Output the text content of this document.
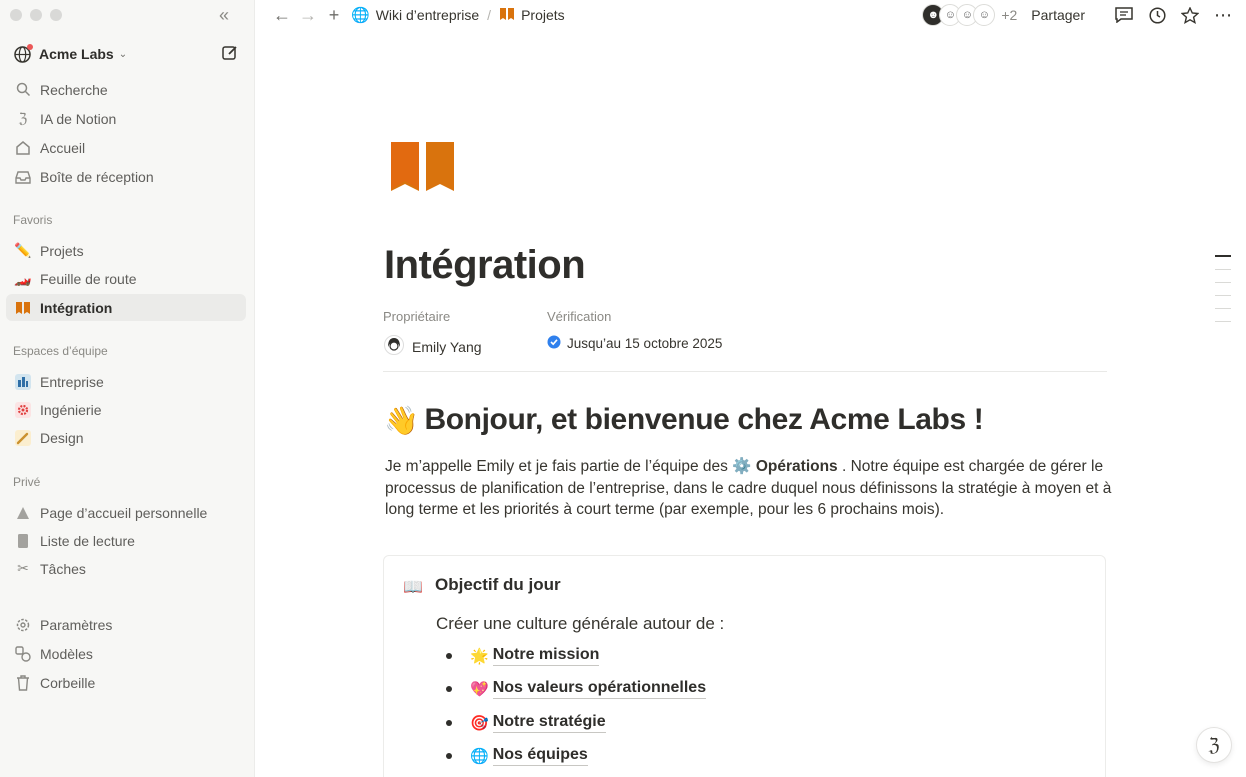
«
Acme Labs ⌄
Recherche
ℨ IA de Notion
Accueil
Boîte de réception
Favoris
✏️ Projets
🏎️ Feuille de route
Intégration
Espaces d’équipe
Entreprise
Ingénierie
Design
Privé
Page d’accueil personnelle
Liste de lecture
✂ Tâches
Paramètres
Modèles
Corbeille
← → + 🌐 Wiki d’entreprise / Projets	☻ ☺ ☺ ☺ +2 Partager	⋯
Intégration
Propriétaire	Vérification
Emily Yang	Jusqu’au 15 octobre 2025
👋 Bonjour, et bienvenue chez Acme Labs !
Je m’appelle Emily et je fais partie de l’équipe des ⚙️ Opérations . Notre équipe est chargée de gérer le processus de planification de l’entreprise, dans le cadre duquel nous définissons la stratégie à moyen et à long terme et les priorités à court terme (par exemple, pour les 6 prochains mois).
📖 Objectif du jour
Créer une culture générale autour de :
🌟 Notre mission
💖 Nos valeurs opérationnelles
🎯 Notre stratégie
🌐 Nos équipes	ℨ
